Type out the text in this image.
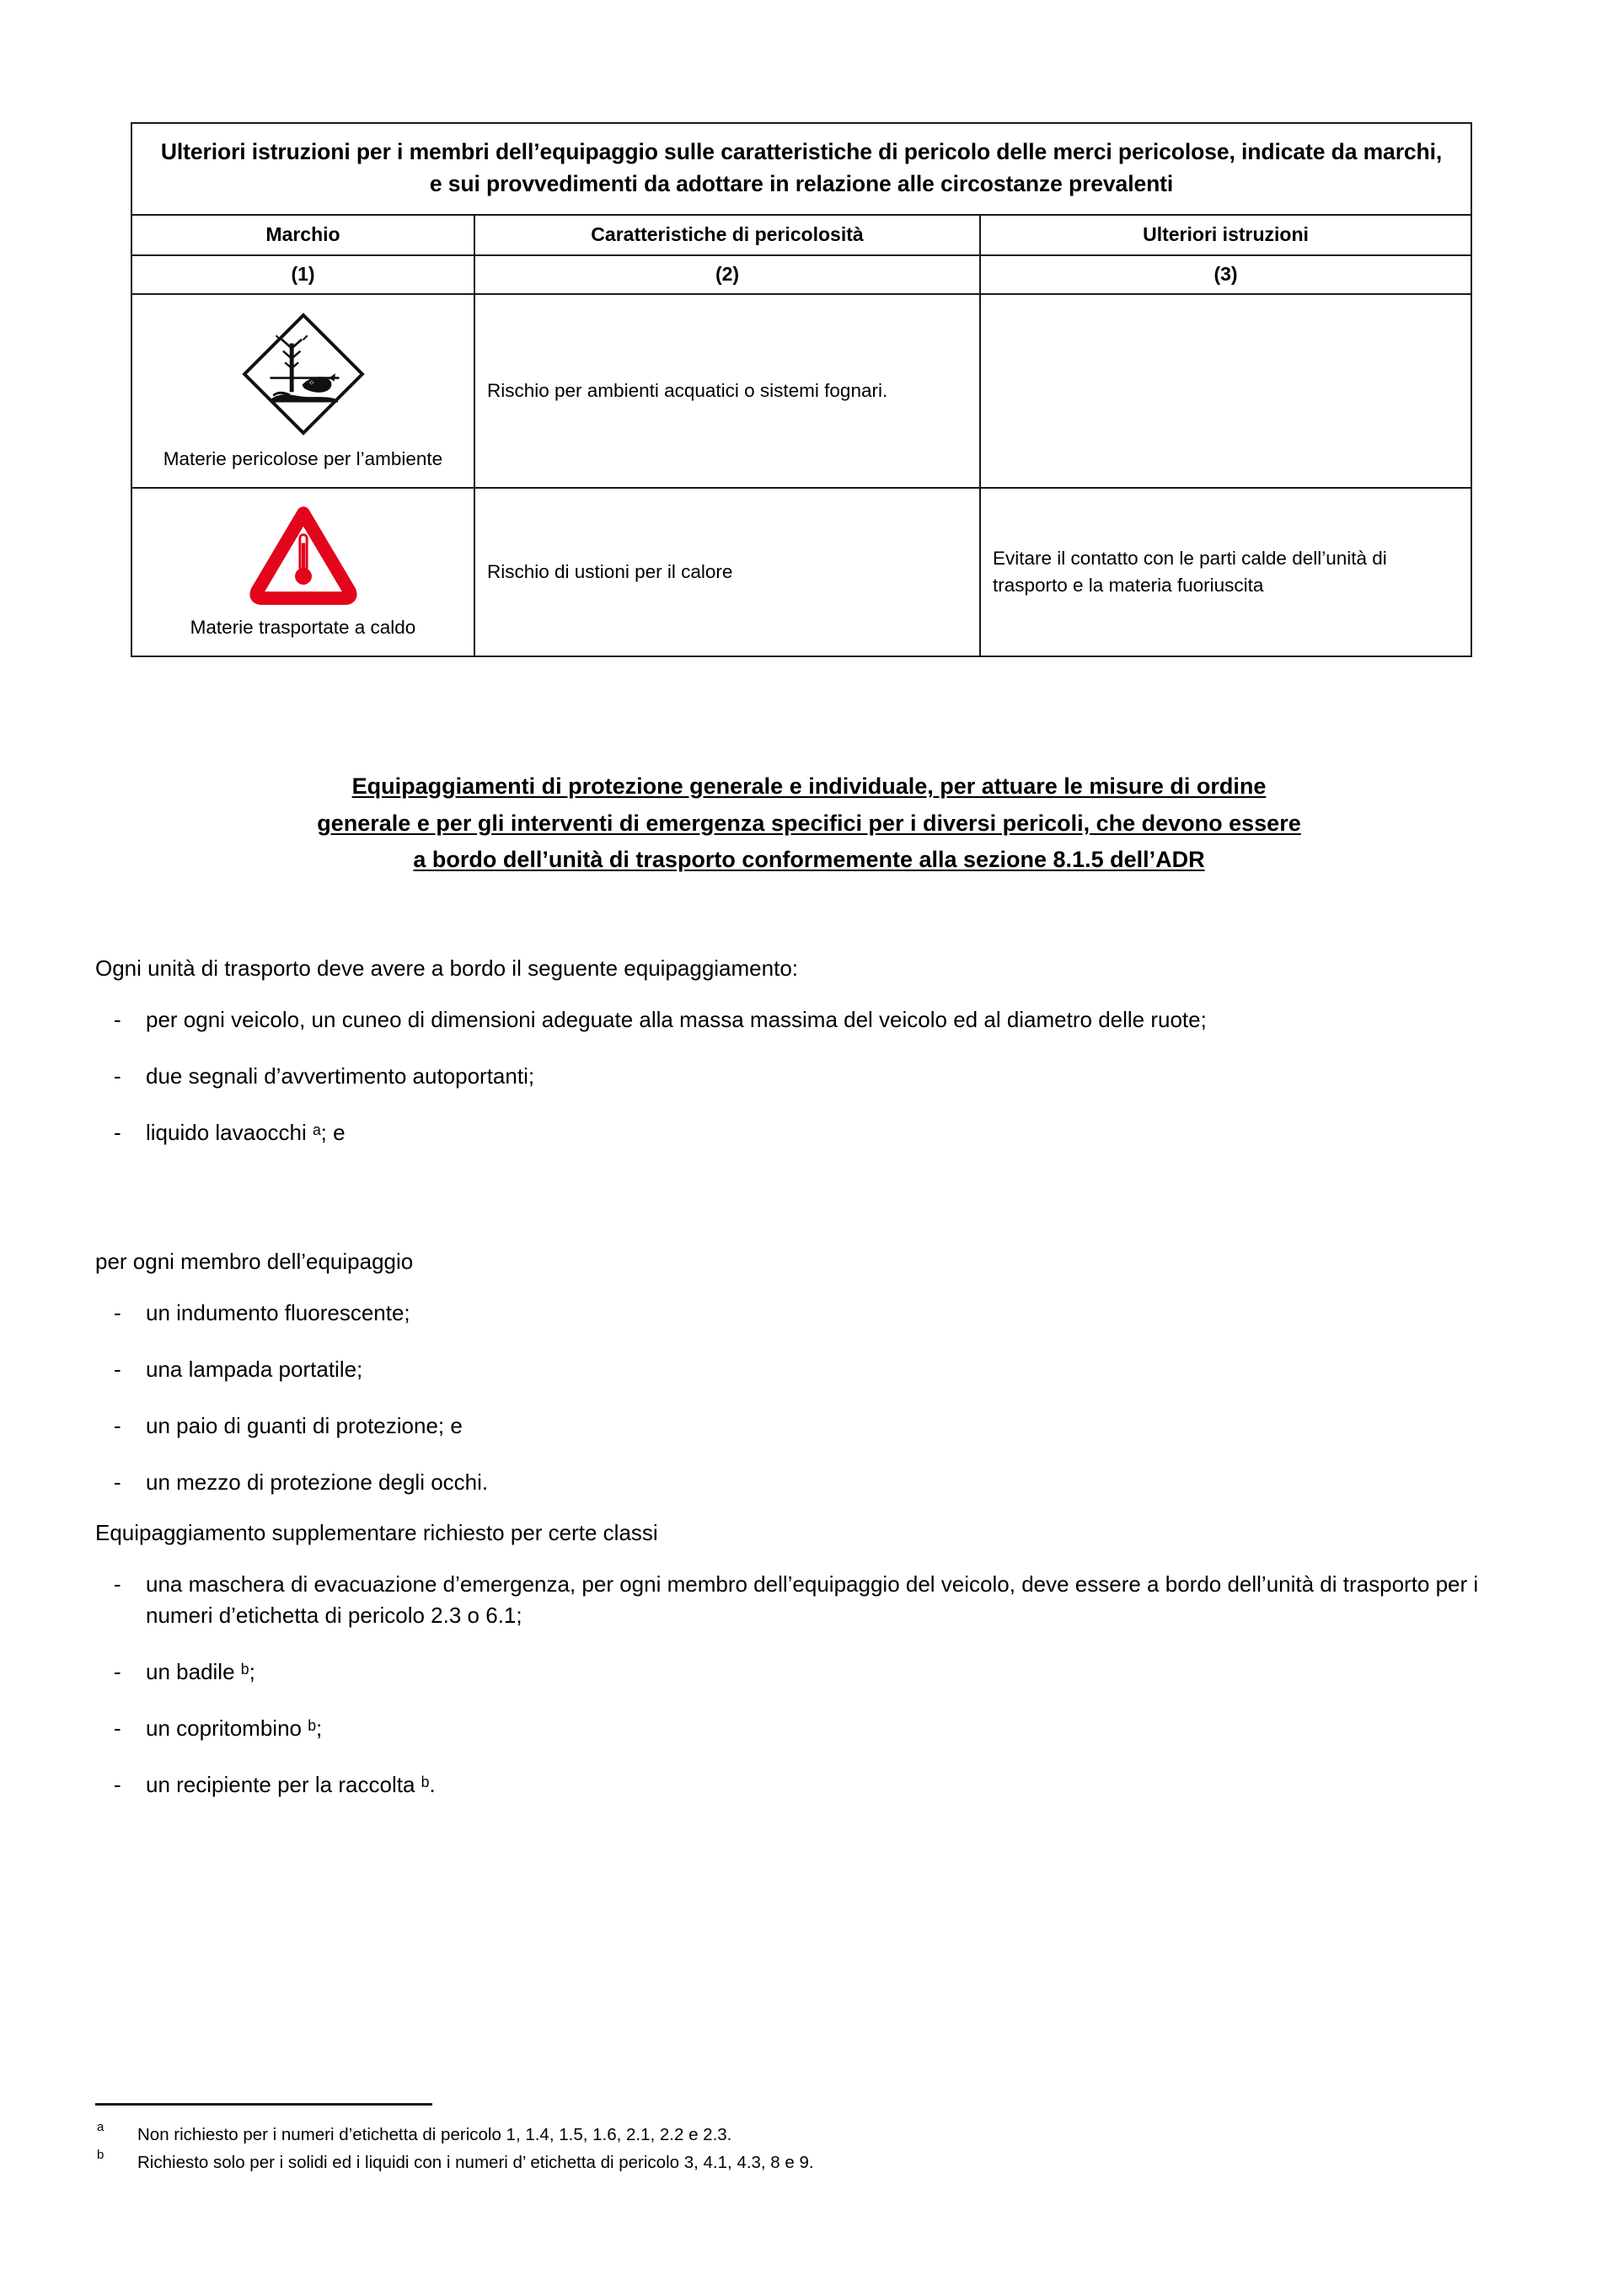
Ulteriori istruzioni per i membri dell’equipaggio sulle caratteristiche di pericolo delle merci pericolose, indicate da marchi, e sui provvedimenti da adottare in relazione alle circostanze prevalenti		
Marchio	Caratteristiche di pericolosità	Ulteriori istruzioni
(1)	(2)	(3)

Materie pericolose per l’ambiente	Rischio per ambienti acquatici o sistemi fognari.	

Materie trasportate a caldo	Rischio di ustioni per il calore	Evitare il contatto con le parti calde dell’unità di trasporto e la materia fuoriuscita
Equipaggiamenti di protezione generale e individuale, per attuare le misure di ordine
generale e per gli interventi di emergenza specifici per i diversi pericoli, che devono essere
a bordo dell’unità di trasporto conformemente alla sezione 8.1.5 dell’ADR

Ogni unità di trasporto deve avere a bordo il seguente equipaggiamento:

- per ogni veicolo, un cuneo di dimensioni adeguate alla massa massima del veicolo ed al diametro delle ruote;
- due segnali d’avvertimento autoportanti;
- liquido lavaocchi ᵃ; e

per ogni membro dell’equipaggio

- un indumento fluorescente;
- una lampada portatile;
- un paio di guanti di protezione; e
- un mezzo di protezione degli occhi.

Equipaggiamento supplementare richiesto per certe classi

- una maschera di evacuazione d’emergenza, per ogni membro dell’equipaggio del veicolo, deve essere a bordo dell’unità di trasporto per i numeri d’etichetta di pericolo 2.3 o 6.1;
- un badile ᵇ;
- un copritombino ᵇ;
- un recipiente per la raccolta ᵇ.
a Non richiesto per i numeri d’etichetta di pericolo 1, 1.4, 1.5, 1.6, 2.1, 2.2 e 2.3.
b Richiesto solo per i solidi ed i liquidi con i numeri d’ etichetta di pericolo 3, 4.1, 4.3, 8 e 9.
